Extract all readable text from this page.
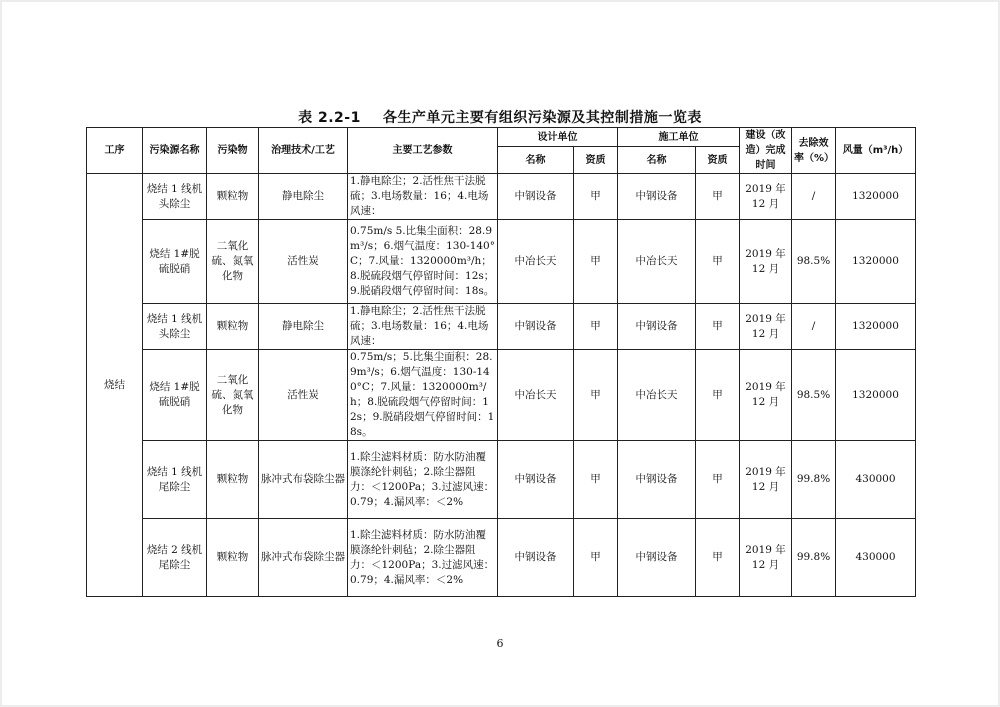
表 2.2-1 各生产单元主要有组织污染源及其控制措施一览表
工序	污染源名称	污染物	治理技术/工艺	主要工艺参数	设计单位		施工单位		建设（改造）完成时间	去除效率（%）	风量（m³/h）
					名称	资质	名称	资质			
烧结	烧结 1 线机头除尘	颗粒物	静电除尘	1.静电除尘；2.活性焦干法脱硫；3.电场数量：16；4.电场风速：	中钢设备	甲	中钢设备	甲	2019 年 12 月	/	1320000
	烧结 1#脱硫脱硝	二氧化硫、氮氧化物	活性炭	0.75m/s 5.比集尘面积：28.9m³/s；6.烟气温度：130-140°C；7.风量：1320000m³/h；8.脱硫段烟气停留时间：12s；9.脱硝段烟气停留时间：18s。	中冶长天	甲	中冶长天	甲	2019 年 12 月	98.5%	1320000
	烧结 1 线机头除尘	颗粒物	静电除尘	1.静电除尘；2.活性焦干法脱硫；3.电场数量：16；4.电场风速：	中钢设备	甲	中钢设备	甲	2019 年 12 月	/	1320000
	烧结 1#脱硫脱硝	二氧化硫、氮氧化物	活性炭	0.75m/s；5.比集尘面积：28.9m³/s；6.烟气温度：130-140°C；7.风量：1320000m³/h；8.脱硫段烟气停留时间：12s；9.脱硝段烟气停留时间：18s。	中冶长天	甲	中冶长天	甲	2019 年 12 月	98.5%	1320000
	烧结 1 线机尾除尘	颗粒物	脉冲式布袋除尘器	1.除尘滤料材质：防水防油覆膜涤纶针刺毡；2.除尘器阻力：＜1200Pa；3.过滤风速：0.79；4.漏风率：＜2%	中钢设备	甲	中钢设备	甲	2019 年 12 月	99.8%	430000
	烧结 2 线机尾除尘	颗粒物	脉冲式布袋除尘器	1.除尘滤料材质：防水防油覆膜涤纶针刺毡；2.除尘器阻力：＜1200Pa；3.过滤风速：0.79；4.漏风率：＜2%	中钢设备	甲	中钢设备	甲	2019 年 12 月	99.8%	430000
6
